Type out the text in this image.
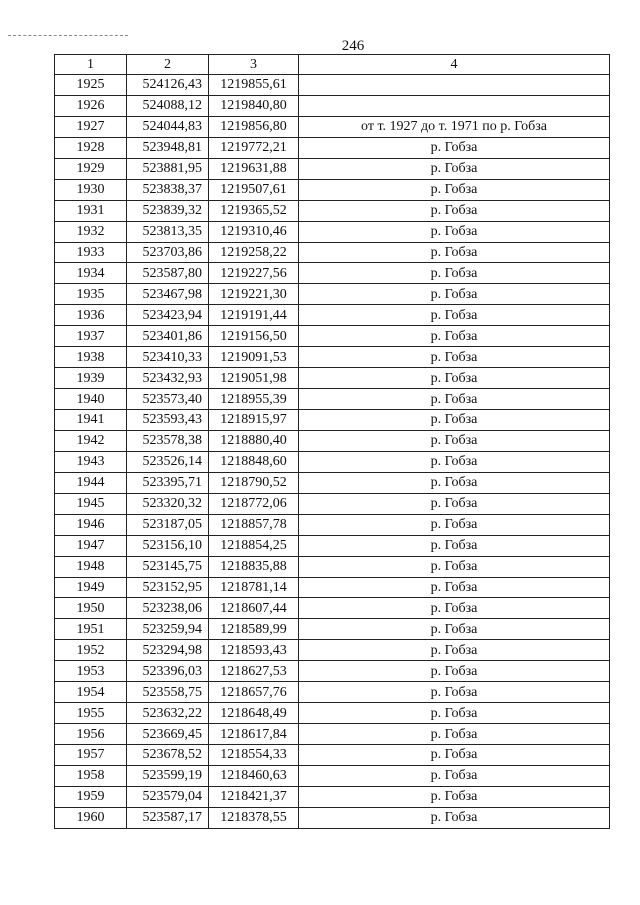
246
1	2	3	4
1925	524126,43	1219855,61	
1926	524088,12	1219840,80	
1927	524044,83	1219856,80	от т. 1927 до т. 1971 по р. Гобза
1928	523948,81	1219772,21	р. Гобза
1929	523881,95	1219631,88	р. Гобза
1930	523838,37	1219507,61	р. Гобза
1931	523839,32	1219365,52	р. Гобза
1932	523813,35	1219310,46	р. Гобза
1933	523703,86	1219258,22	р. Гобза
1934	523587,80	1219227,56	р. Гобза
1935	523467,98	1219221,30	р. Гобза
1936	523423,94	1219191,44	р. Гобза
1937	523401,86	1219156,50	р. Гобза
1938	523410,33	1219091,53	р. Гобза
1939	523432,93	1219051,98	р. Гобза
1940	523573,40	1218955,39	р. Гобза
1941	523593,43	1218915,97	р. Гобза
1942	523578,38	1218880,40	р. Гобза
1943	523526,14	1218848,60	р. Гобза
1944	523395,71	1218790,52	р. Гобза
1945	523320,32	1218772,06	р. Гобза
1946	523187,05	1218857,78	р. Гобза
1947	523156,10	1218854,25	р. Гобза
1948	523145,75	1218835,88	р. Гобза
1949	523152,95	1218781,14	р. Гобза
1950	523238,06	1218607,44	р. Гобза
1951	523259,94	1218589,99	р. Гобза
1952	523294,98	1218593,43	р. Гобза
1953	523396,03	1218627,53	р. Гобза
1954	523558,75	1218657,76	р. Гобза
1955	523632,22	1218648,49	р. Гобза
1956	523669,45	1218617,84	р. Гобза
1957	523678,52	1218554,33	р. Гобза
1958	523599,19	1218460,63	р. Гобза
1959	523579,04	1218421,37	р. Гобза
1960	523587,17	1218378,55	р. Гобза
